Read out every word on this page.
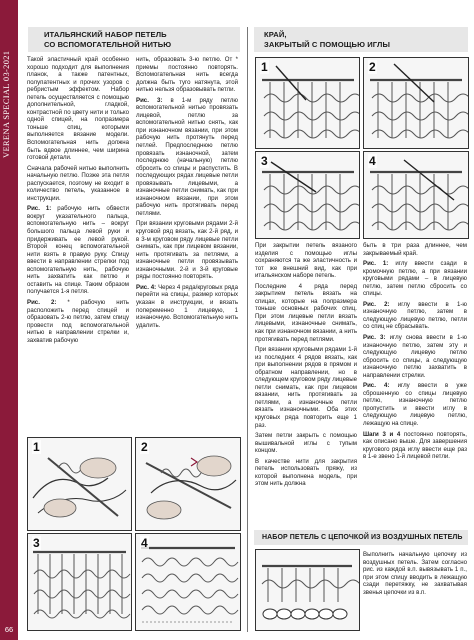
VERENA SPECIAL 03-2021
66
ИТАЛЬЯНСКИЙ НАБОР ПЕТЕЛЬ
СО ВСПОМОГАТЕЛЬНОЙ НИТЬЮ

Такой эластичный край особенно хорошо подходит для выполнения планок, а также патентных, полупатентных и прочих узоров с ребристым эффектом. Набор петель осуществляется с помощью дополнительной, гладкой, контрастной по цвету нити и только одной спицей, на полразмера тоньше спиц, которыми выполняется вязание модели. Вспомогательная нить должна быть вдвое длиннее, чем ширина готовой детали.

Сначала рабочей нитью выполнить начальную петлю. Позже эта петля распускается, поэтому не входит в количество петель, указанное в инструкции.

Рис. 1: рабочую нить обвести вокруг указательного пальца, вспомогательную нить – вокруг большого пальца левой руки и придерживать ее левой рукой. Второй конец вспомогательной нити взять в правую руку. Спицу ввести в направлении стрелки под вспомогательную нить, рабочую нить захватить как петлю и оставить на спице. Таким образом получается 1-я петля.

Рис. 2: * рабочую нить расположить перед спицей и образовать 2-ю петлю, затем спицу провести под вспомогательной нитью в направлении стрелки и, захватив рабочую

нить, образовать 3-ю петлю. От * приемы постоянно повторять. Вспомогательная нить всегда должна быть туго натянута, этой нитью нельзя образовывать петли.

Рис. 3: в 1-м ряду петлю вспомогательной нитью провязать лицевой, петлю за вспомогательной нитью снять, как при изнаночном вязании, при этом рабочую нить протянуть перед петлей. Предпоследнюю петлю провязать изнаночной, затем последнюю (начальную) петлю сбросить со спицы и распустить. В последующих рядах лицевые петли провязывать лицевыми, а изнаночные петли снимать, как при изнаночном вязании, при этом рабочую нить протягивать перед петлями.

При вязании круговыми рядами 2-й круговой ряд вязать, как 2-й ряд, и в 3-м круговом ряду лицевые петли снимать, как при лицевом вязании, нить протягивать за петлями, а изнаночные петли провязывать изнаночными. 2-й и 3-й круговые ряды постоянно повторять.

Рис. 4: Через 4 ряда/круговых ряда перейти на спицы, размер которых указан в инструкции, и вязать попеременно 1 лицевую, 1 изнаночную. Вспомогательную нить удалить.

1	2
3	4
КРАЙ,
ЗАКРЫТЫЙ С ПОМОЩЬЮ ИГЛЫ
1	2
3	4

При закрытии петель вязаного изделия с помощью иглы сохраняются та же эластичность и тот же внешний вид, как при итальянском наборе петель.

Последние 4 ряда перед закрытием петель вязать на спицах, которые на полразмера тоньше основных рабочих спиц. При этом лицевые петли вязать лицевыми, изнаночные снимать, как при изнаночном вязании, а нить протягивать перед петлями.

При вязании круговыми рядами 1-й из последних 4 рядов вязать, как при выполнении рядов в прямом и обратном направлении, но в следующем круговом ряду лицевые петли снимать, как при лицевом вязании, нить протягивать за петлями, а изнаночные петли вязать изнаночными. Оба этих круговых ряда повторить еще 1 раз.

Затем петли закрыть с помощью вышивальной иглы с тупым концом.

В качестве нити для закрытия петель использовать пряжу, из которой выполнена модель, при этом нить должна

быть в три раза длиннее, чем закрываемый край.

Рис. 1: иглу ввести сзади в кромочную петлю, а при вязании круговыми рядами – в лицевую петлю, затем петлю сбросить со спицы.

Рис. 2: иглу ввести в 1-ю изнаночную петлю, затем в следующую лицевую петлю, петли со спиц не сбрасывать.

Рис. 3: иглу снова ввести в 1-ю изнаночную петлю, затем эту и следующую лицевую петлю сбросить со спицы, а следующую изнаночную петлю захватить в направлении стрелки.

Рис. 4: иглу ввести в уже сброшенную со спицы лицевую петлю, изнаночную петлю пропустить и ввести иглу в следующую лицевую петлю, лежащую на спице.

Шаги 3 и 4 постоянно повторять, как описано выше. Для завершения кругового ряда иглу ввести еще раз в 1-е звено 1-й лицевой петли.

НАБОР ПЕТЕЛЬ С ЦЕПОЧКОЙ ИЗ ВОЗДУШНЫХ ПЕТЕЛЬ

Выполнить начальную цепочку из воздушных петель. Затем согласно рис. из каждой в.п. вывязывать 1 п., при этом спицу вводить в лежащую сзади перетяжку, не захватывая звенья цепочки из в.п.
